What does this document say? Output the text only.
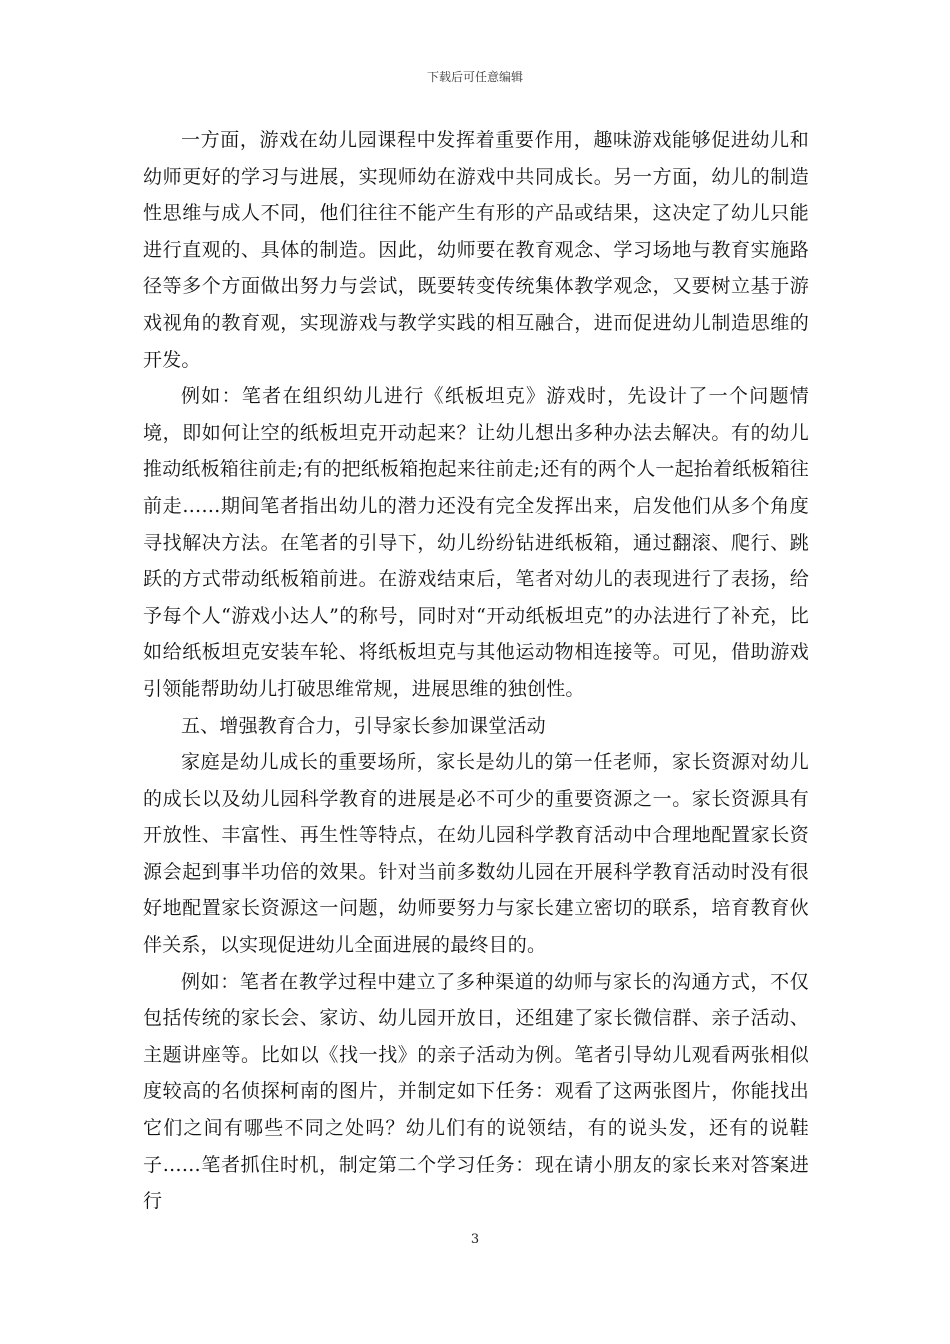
下载后可任意编辑

一方面，游戏在幼儿园课程中发挥着重要作用，趣味游戏能够促进幼儿和幼师更好的学习与进展，实现师幼在游戏中共同成长。另一方面，幼儿的制造性思维与成人不同，他们往往不能产生有形的产品或结果，这决定了幼儿只能进行直观的、具体的制造。因此，幼师要在教育观念、学习场地与教育实施路径等多个方面做出努力与尝试，既要转变传统集体教学观念，又要树立基于游戏视角的教育观，实现游戏与教学实践的相互融合，进而促进幼儿制造思维的开发。

例如：笔者在组织幼儿进行《纸板坦克》游戏时，先设计了一个问题情境，即如何让空的纸板坦克开动起来？让幼儿想出多种办法去解决。有的幼儿推动纸板箱往前走;有的把纸板箱抱起来往前走;还有的两个人一起抬着纸板箱往前走……期间笔者指出幼儿的潜力还没有完全发挥出来，启发他们从多个角度寻找解决方法。在笔者的引导下，幼儿纷纷钻进纸板箱，通过翻滚、爬行、跳跃的方式带动纸板箱前进。在游戏结束后，笔者对幼儿的表现进行了表扬，给予每个人“游戏小达人”的称号，同时对“开动纸板坦克”的办法进行了补充，比如给纸板坦克安装车轮、将纸板坦克与其他运动物相连接等。可见，借助游戏引领能帮助幼儿打破思维常规，进展思维的独创性。

五、增强教育合力，引导家长参加课堂活动

家庭是幼儿成长的重要场所，家长是幼儿的第一任老师，家长资源对幼儿的成长以及幼儿园科学教育的进展是必不可少的重要资源之一。家长资源具有开放性、丰富性、再生性等特点，在幼儿园科学教育活动中合理地配置家长资源会起到事半功倍的效果。针对当前多数幼儿园在开展科学教育活动时没有很好地配置家长资源这一问题，幼师要努力与家长建立密切的联系，培育教育伙伴关系，以实现促进幼儿全面进展的最终目的。

例如：笔者在教学过程中建立了多种渠道的幼师与家长的沟通方式，不仅包括传统的家长会、家访、幼儿园开放日，还组建了家长微信群、亲子活动、主题讲座等。比如以《找一找》的亲子活动为例。笔者引导幼儿观看两张相似度较高的名侦探柯南的图片，并制定如下任务：观看了这两张图片，你能找出它们之间有哪些不同之处吗？幼儿们有的说领结，有的说头发，还有的说鞋子……笔者抓住时机，制定第二个学习任务：现在请小朋友的家长来对答案进行

3
